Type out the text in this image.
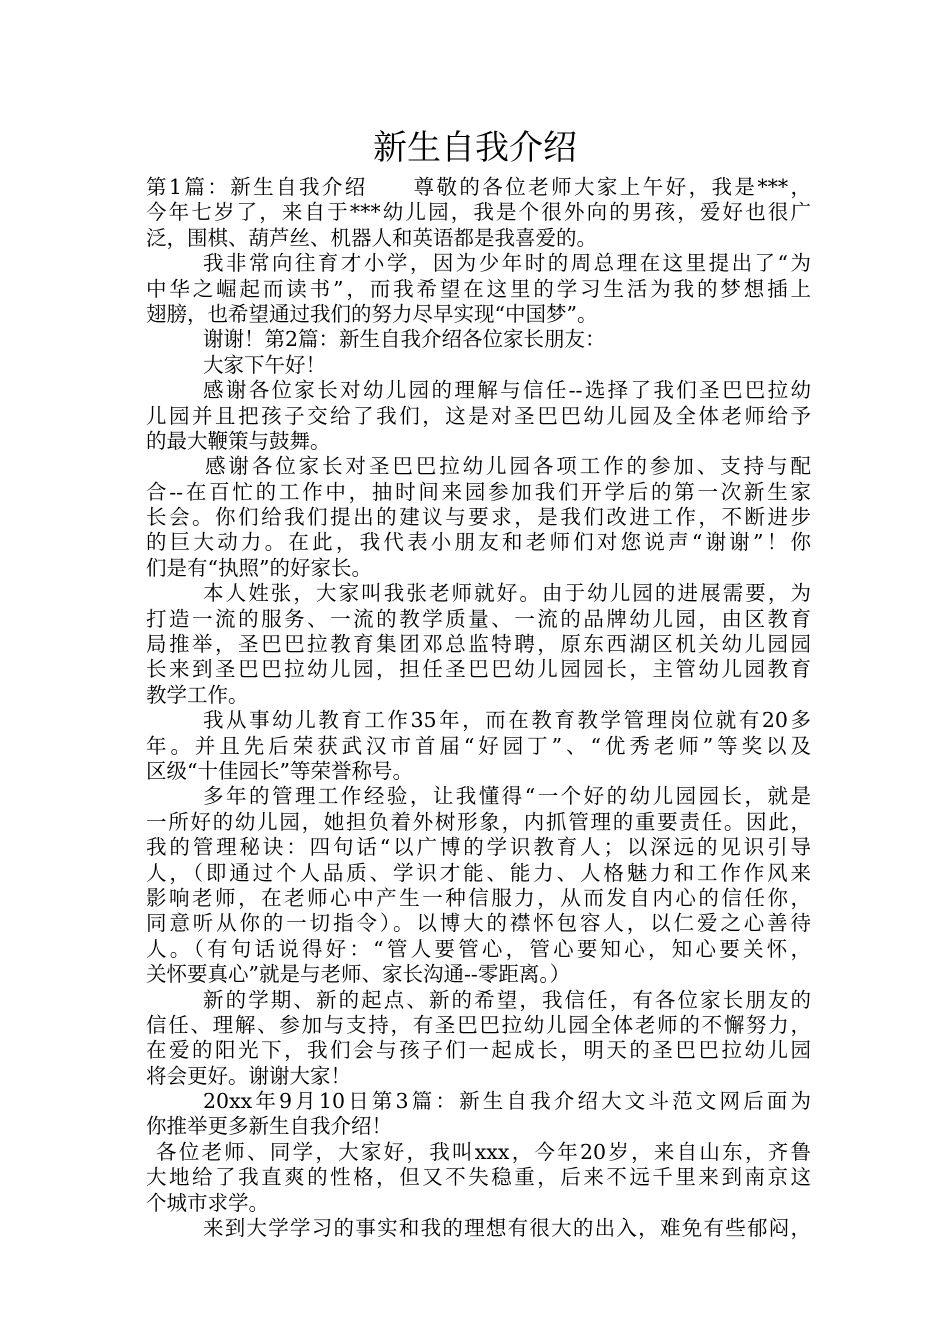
新生自我介绍
第1篇：新生自我介绍　　尊敬的各位老师大家上午好，我是***，
今年七岁了，来自于***幼儿园，我是个很外向的男孩，爱好也很广
泛，围棋、葫芦丝、机器人和英语都是我喜爱的。
我非常向往育才小学，因为少年时的周总理在这里提出了“为
中华之崛起而读书”，而我希望在这里的学习生活为我的梦想插上
翅膀，也希望通过我们的努力尽早实现“中国梦”。
谢谢！第2篇：新生自我介绍各位家长朋友：
大家下午好！
感谢各位家长对幼儿园的理解与信任--选择了我们圣巴巴拉幼
儿园并且把孩子交给了我们，这是对圣巴巴幼儿园及全体老师给予
的最大鞭策与鼓舞。
感谢各位家长对圣巴巴拉幼儿园各项工作的参加、支持与配
合--在百忙的工作中，抽时间来园参加我们开学后的第一次新生家
长会。你们给我们提出的建议与要求，是我们改进工作，不断进步
的巨大动力。在此，我代表小朋友和老师们对您说声“谢谢”！你
们是有“执照”的好家长。
本人姓张，大家叫我张老师就好。由于幼儿园的进展需要，为
打造一流的服务、一流的教学质量、一流的品牌幼儿园，由区教育
局推举，圣巴巴拉教育集团邓总监特聘，原东西湖区机关幼儿园园
长来到圣巴巴拉幼儿园，担任圣巴巴幼儿园园长，主管幼儿园教育
教学工作。
我从事幼儿教育工作35年，而在教育教学管理岗位就有20多
年。并且先后荣获武汉市首届“好园丁”、“优秀老师”等奖以及
区级“十佳园长”等荣誉称号。
多年的管理工作经验，让我懂得“一个好的幼儿园园长，就是
一所好的幼儿园，她担负着外树形象，内抓管理的重要责任。因此，
我的管理秘诀：四句话“以广博的学识教育人；以深远的见识引导
人，（即通过个人品质、学识才能、能力、人格魅力和工作作风来
影响老师，在老师心中产生一种信服力，从而发自内心的信任你，
同意听从你的一切指令）。以博大的襟怀包容人，以仁爱之心善待
人。（有句话说得好：“管人要管心，管心要知心，知心要关怀，
关怀要真心”就是与老师、家长沟通--零距离。）
新的学期、新的起点、新的希望，我信任，有各位家长朋友的
信任、理解、参加与支持，有圣巴巴拉幼儿园全体老师的不懈努力，
在爱的阳光下，我们会与孩子们一起成长，明天的圣巴巴拉幼儿园
将会更好。谢谢大家！
20xx年9月10日第3篇：新生自我介绍大文斗范文网后面为
你推举更多新生自我介绍！
各位老师、同学，大家好，我叫xxx，今年20岁，来自山东，齐鲁
大地给了我直爽的性格，但又不失稳重，后来不远千里来到南京这
个城市求学。
来到大学学习的事实和我的理想有很大的出入，难免有些郁闷，
